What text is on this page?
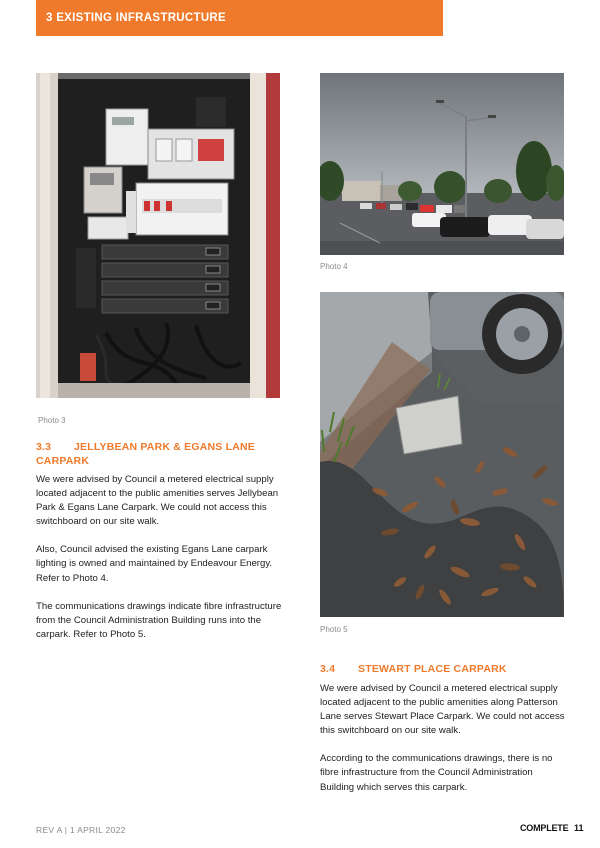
3 EXISTING INFRASTRUCTURE
Photo 3
Photo 4
Photo 5
3.3 JELLYBEAN PARK & EGANS LANE
CARPARK

We were advised by Council a metered electrical supply located adjacent to the public amenities serves Jellybean Park & Egans Lane Carpark. We could not access this switchboard on our site walk.

Also, Council advised the existing Egans Lane carpark lighting is owned and maintained by Endeavour Energy. Refer to Photo 4.

The communications drawings indicate fibre infrastructure from the Council Administration Building runs into the carpark. Refer to Photo 5.

3.4 STEWART PLACE CARPARK

We were advised by Council a metered electrical supply located adjacent to the public amenities along Patterson Lane serves Stewart Place Carpark. We could not access this switchboard on our site walk.

According to the communications drawings, there is no fibre infrastructure from the Council Administration Building which serves this carpark.

REV A | 1 APRIL 2022	COMPLETE 11
